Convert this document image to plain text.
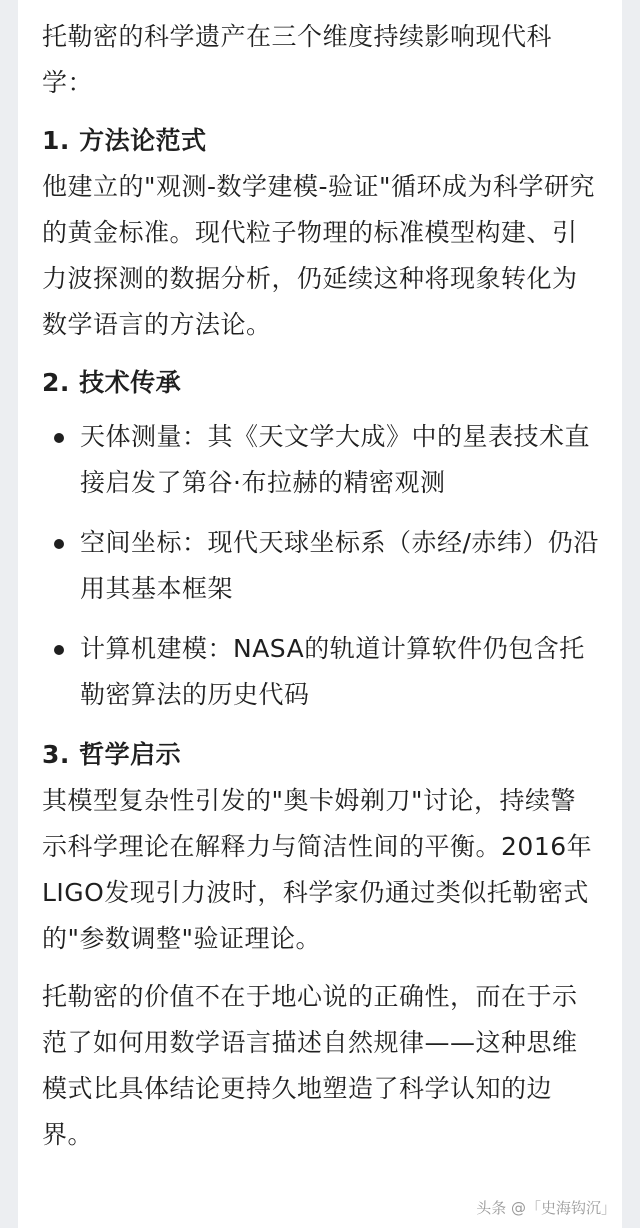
托勒密的科学遗产在三个维度持续影响现代科学：

1. 方法论范式

他建立的"观测-数学建模-验证"循环成为科学研究的黄金标准。现代粒子物理的标准模型构建、引力波探测的数据分析，仍延续这种将现象转化为数学语言的方法论。

2. 技术传承
天体测量：其《天文学大成》中的星表技术直接启发了第谷·布拉赫的精密观测
空间坐标：现代天球坐标系（赤经/赤纬）仍沿用其基本框架
计算机建模：NASA的轨道计算软件仍包含托勒密算法的历史代码
3. 哲学启示

其模型复杂性引发的"奥卡姆剃刀"讨论，持续警示科学理论在解释力与简洁性间的平衡。2016年LIGO发现引力波时，科学家仍通过类似托勒密式的"参数调整"验证理论。

托勒密的价值不在于地心说的正确性，而在于示范了如何用数学语言描述自然规律——这种思维模式比具体结论更持久地塑造了科学认知的边界。

头条 @「史海钩沉」
